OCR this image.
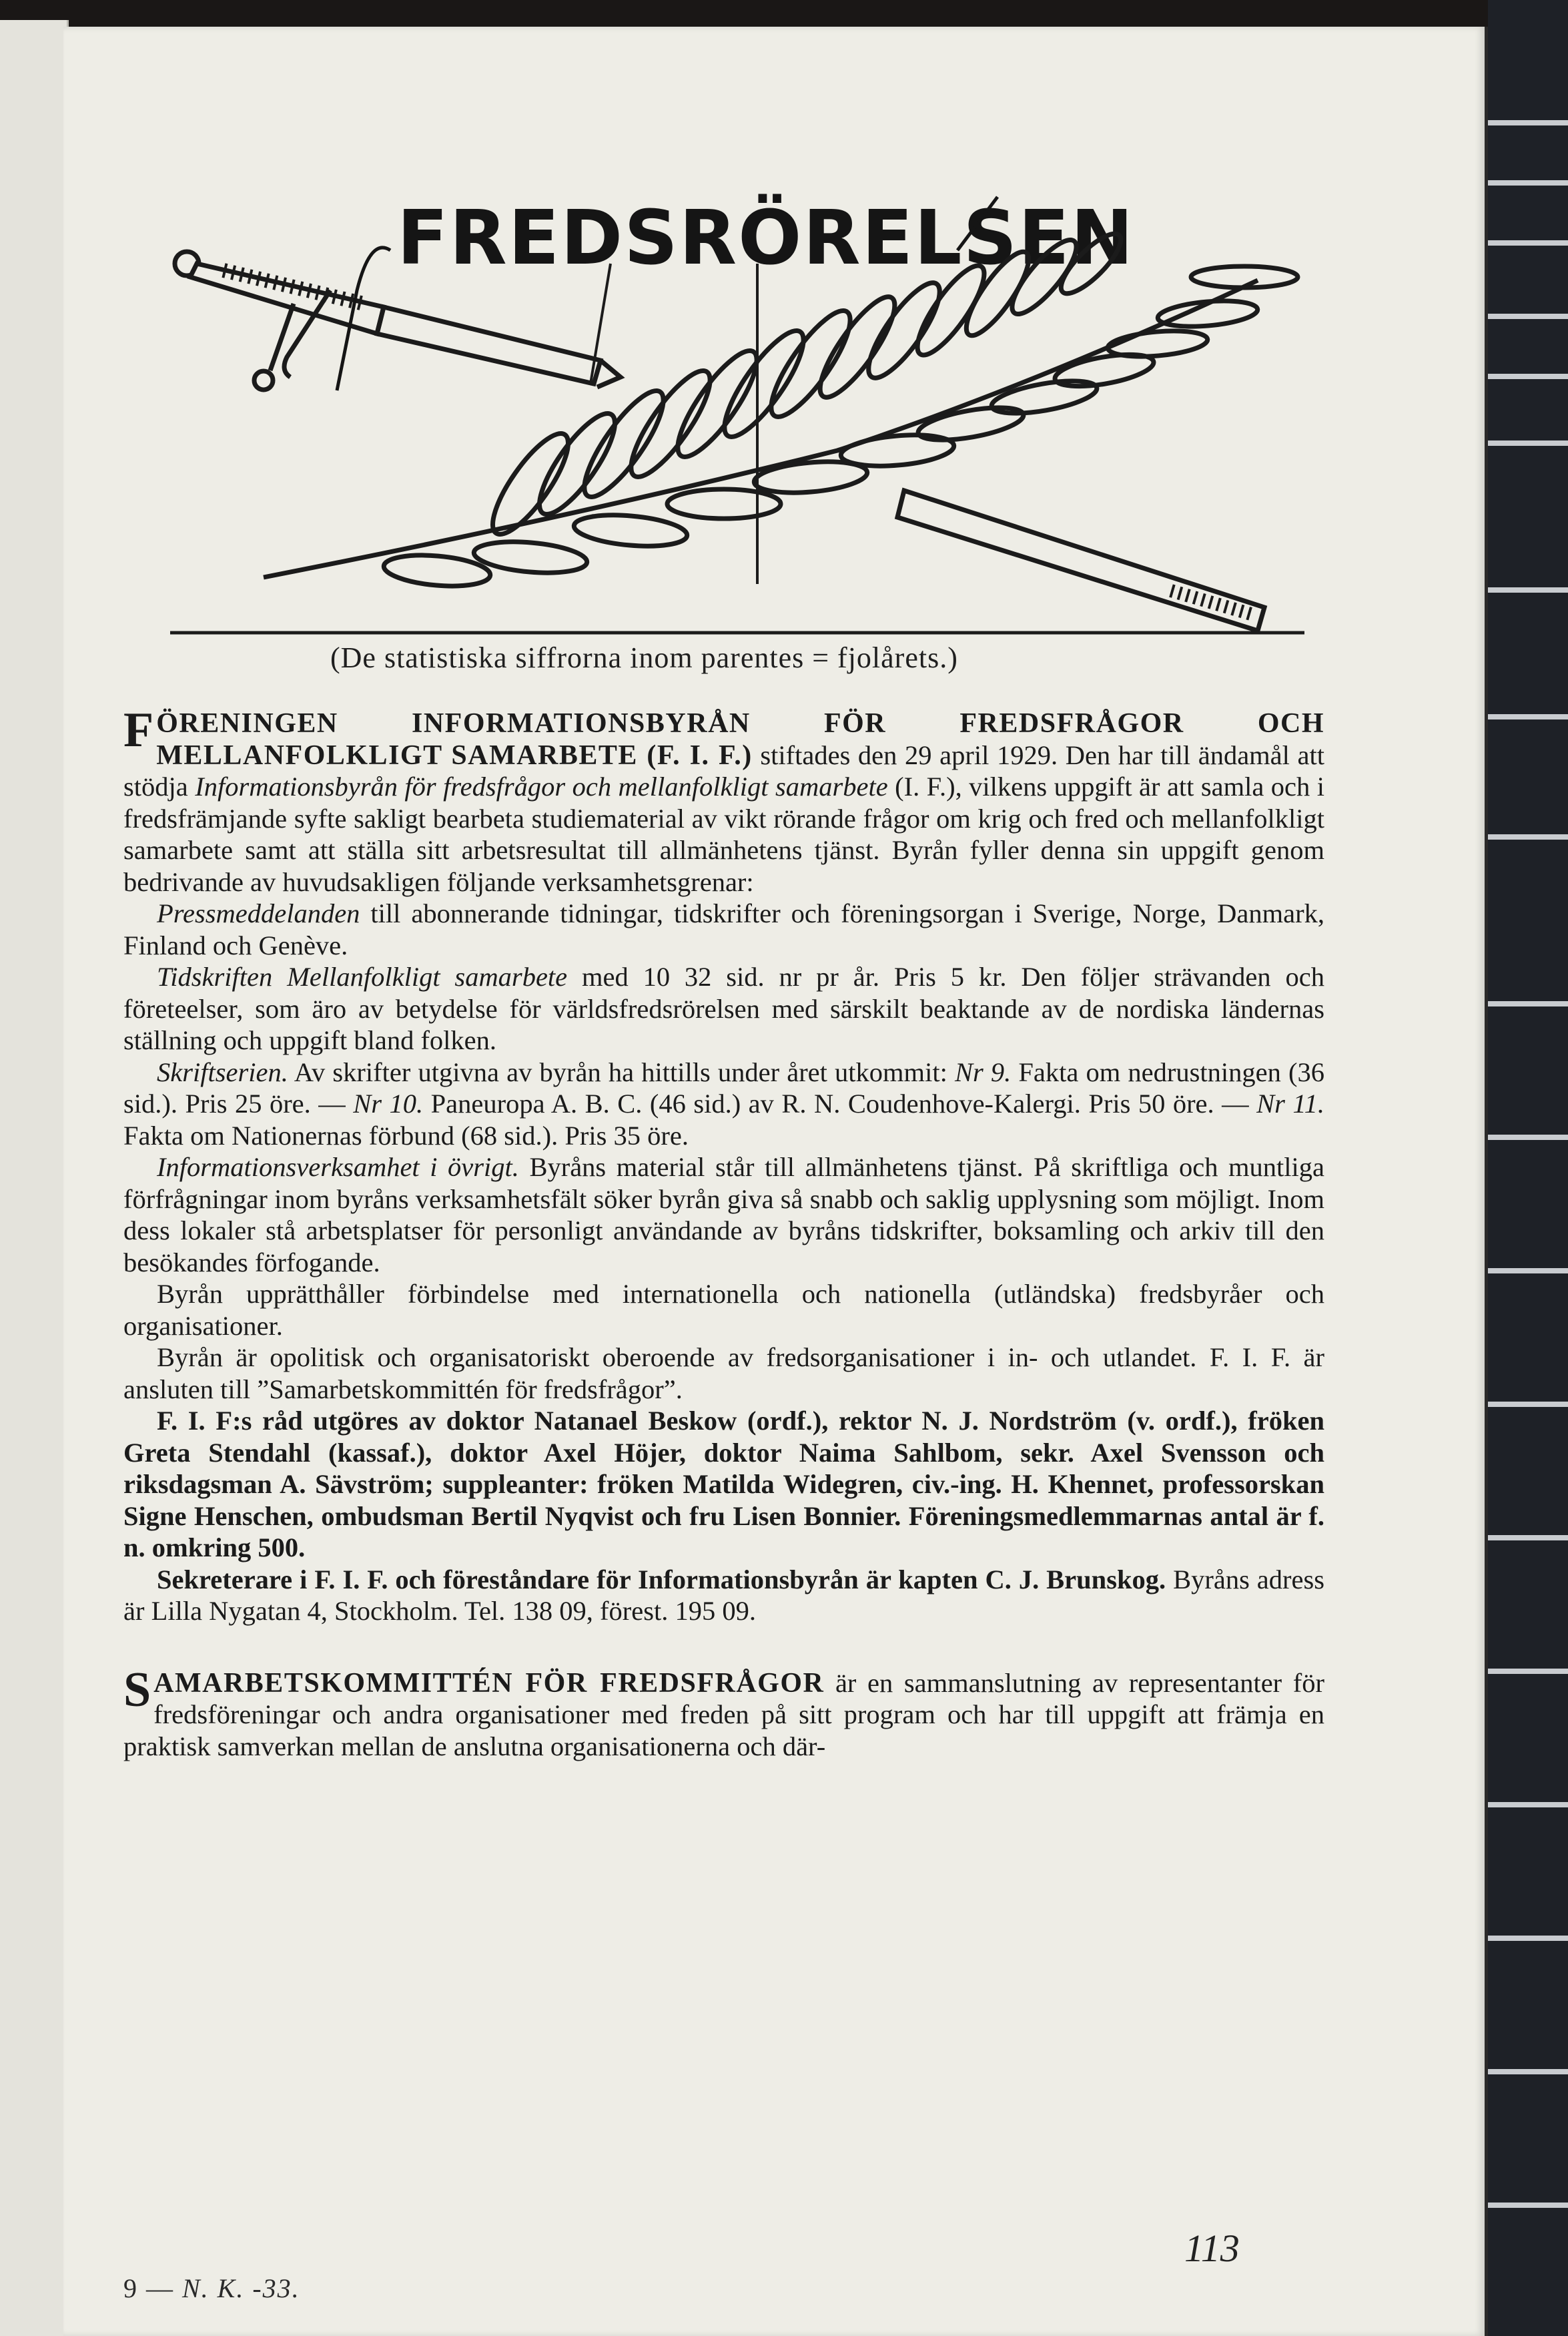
FREDSRÖRELSEN
(De statistiska siffrorna inom parentes = fjolårets.)

FÖRENINGEN INFORMATIONSBYRÅN FÖR FREDSFRÅGOR OCH MELLANFOLKLIGT SAMARBETE (F. I. F.) stiftades den 29 april 1929. Den har till ändamål att stödja Informationsbyrån för fredsfrågor och mellanfolkligt samarbete (I. F.), vilkens uppgift är att samla och i fredsfrämjande syfte sakligt bearbeta studiematerial av vikt rörande frågor om krig och fred och mellanfolkligt samarbete samt att ställa sitt arbetsresultat till allmänhetens tjänst. Byrån fyller denna sin uppgift genom bedrivande av huvudsakligen följande verksamhetsgrenar:

Pressmeddelanden till abonnerande tidningar, tidskrifter och föreningsorgan i Sverige, Norge, Danmark, Finland och Genève.

Tidskriften Mellanfolkligt samarbete med 10 32 sid. nr pr år. Pris 5 kr. Den följer strävanden och företeelser, som äro av betydelse för världsfredsrörelsen med särskilt beaktande av de nordiska ländernas ställning och uppgift bland folken.

Skriftserien. Av skrifter utgivna av byrån ha hittills under året utkommit: Nr 9. Fakta om nedrustningen (36 sid.). Pris 25 öre. — Nr 10. Paneuropa A. B. C. (46 sid.) av R. N. Coudenhove-Kalergi. Pris 50 öre. — Nr 11. Fakta om Nationernas förbund (68 sid.). Pris 35 öre.

Informationsverksamhet i övrigt. Byråns material står till allmänhetens tjänst. På skriftliga och muntliga förfrågningar inom byråns verksamhetsfält söker byrån giva så snabb och saklig upplysning som möjligt. Inom dess lokaler stå arbetsplatser för personligt användande av byråns tidskrifter, boksamling och arkiv till den besökandes förfogande.

Byrån upprätthåller förbindelse med internationella och nationella (utländska) fredsbyråer och organisationer.

Byrån är opolitisk och organisatoriskt oberoende av fredsorganisationer i in- och utlandet. F. I. F. är ansluten till ”Samarbetskommittén för fredsfrågor”.

F. I. F:s råd utgöres av doktor Natanael Beskow (ordf.), rektor N. J. Nordström (v. ordf.), fröken Greta Stendahl (kassaf.), doktor Axel Höjer, doktor Naima Sahlbom, sekr. Axel Svensson och riksdagsman A. Sävström; suppleanter: fröken Matilda Widegren, civ.-ing. H. Khennet, professorskan Signe Henschen, ombudsman Bertil Nyqvist och fru Lisen Bonnier. Föreningsmedlemmarnas antal är f. n. omkring 500.

Sekreterare i F. I. F. och föreståndare för Informationsbyrån är kapten C. J. Brunskog. Byråns adress är Lilla Nygatan 4, Stockholm. Tel. 138 09, förest. 195 09.

SAMARBETSKOMMITTÉN FÖR FREDSFRÅGOR är en sammanslutning av representanter för fredsföreningar och andra organisationer med freden på sitt program och har till uppgift att främja en praktisk samverkan mellan de anslutna organisationerna och där-

113
9 — N. K. -33.
